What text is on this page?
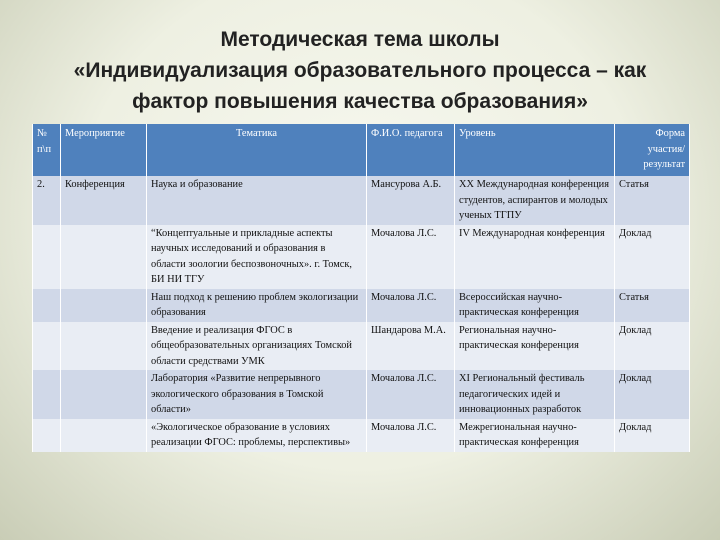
Методическая тема школы
«Индивидуализация образовательного процесса – как
фактор повышения качества образования»
№ п\п	Мероприятие	Тематика	Ф.И.О. педагога	Уровень	Форма участия/результат
2.	Конференция	Наука и образование	Мансурова А.Б.	XX Международная конференция студентов, аспирантов и молодых ученых ТГПУ	Статья
		“Концептуальные и прикладные аспекты научных исследований и образования в области зоологии беспозвоночных». г. Томск, БИ НИ ТГУ	Мочалова Л.С.	IV Международная конференция	Доклад
		Наш подход к решению проблем экологизации образования	Мочалова Л.С.	Всероссийская научно-практическая конференция	Статья
		Введение и реализация ФГОС в общеобразовательных организациях Томской области средствами УМК	Шандарова М.А.	Региональная научно-практическая конференция	Доклад
		Лаборатория «Развитие непрерывного экологического образования в Томской области»	Мочалова Л.С.	XI Региональный фестиваль педагогических идей и инновационных разработок	Доклад
		«Экологическое образование в условиях реализации ФГОС: проблемы, перспективы»	Мочалова Л.С.	Межрегиональная научно-практическая конференция	Доклад
